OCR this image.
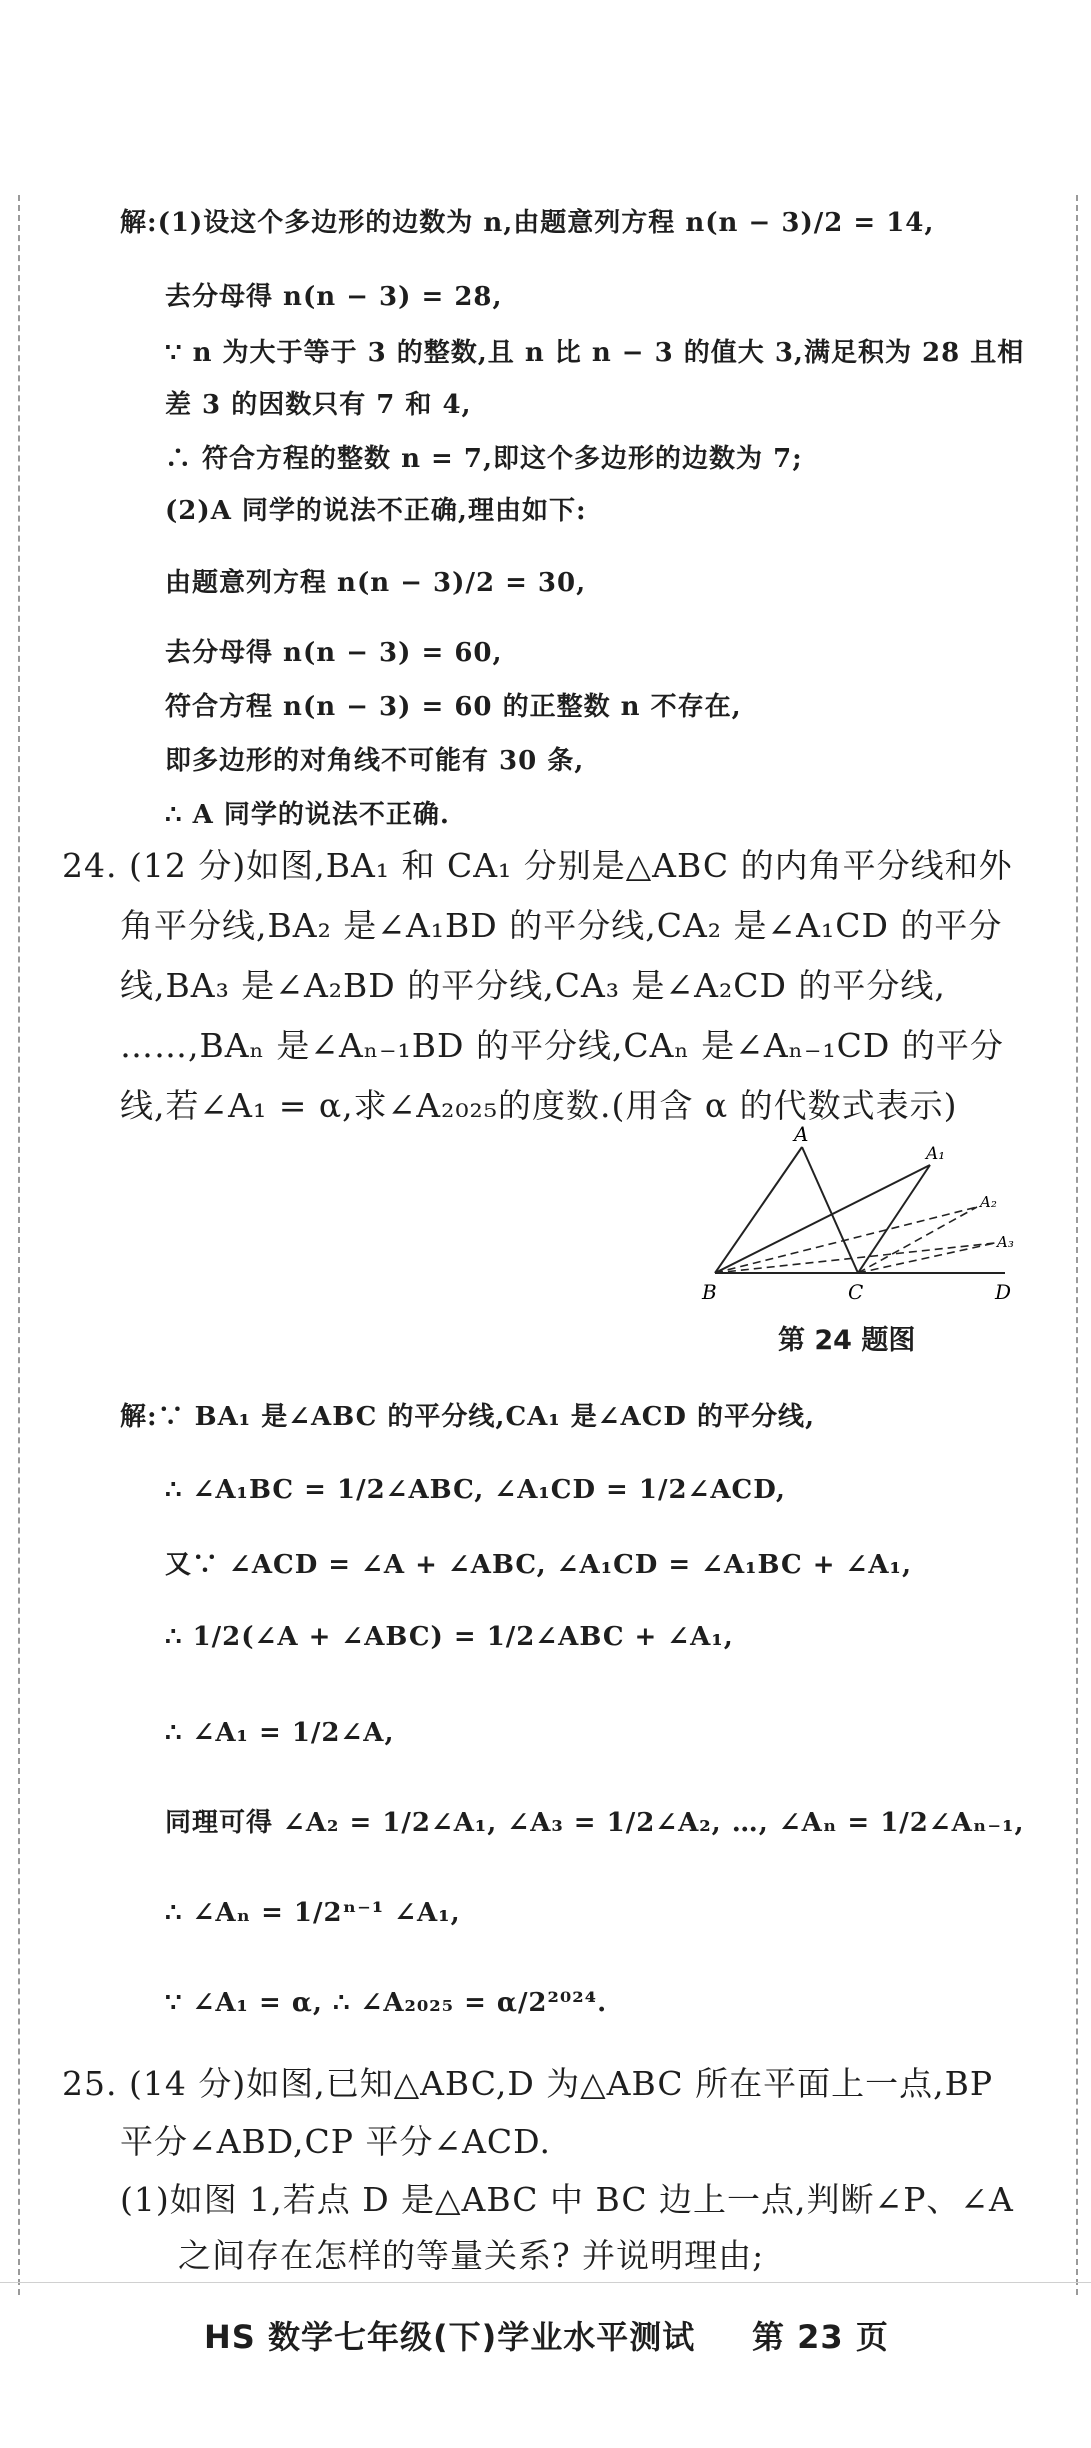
解:(1)设这个多边形的边数为 n,由题意列方程 n(n − 3)/2 = 14,
去分母得 n(n − 3) = 28,
∵ n 为大于等于 3 的整数,且 n 比 n − 3 的值大 3,满足积为 28 且相
差 3 的因数只有 7 和 4,
∴ 符合方程的整数 n = 7,即这个多边形的边数为 7;
(2)A 同学的说法不正确,理由如下:
由题意列方程 n(n − 3)/2 = 30,
去分母得 n(n − 3) = 60,
符合方程 n(n − 3) = 60 的正整数 n 不存在,
即多边形的对角线不可能有 30 条,
∴ A 同学的说法不正确.
24. (12 分)如图,BA₁ 和 CA₁ 分别是△ABC 的内角平分线和外
角平分线,BA₂ 是∠A₁BD 的平分线,CA₂ 是∠A₁CD 的平分
线,BA₃ 是∠A₂BD 的平分线,CA₃ 是∠A₂CD 的平分线,
……,BAₙ 是∠Aₙ₋₁BD 的平分线,CAₙ 是∠Aₙ₋₁CD 的平分
线,若∠A₁ = α,求∠A₂₀₂₅的度数.(用含 α 的代数式表示)
A
A₁
A₂
A₃
B	C	D
第 24 题图
解:∵ BA₁ 是∠ABC 的平分线,CA₁ 是∠ACD 的平分线,
∴ ∠A₁BC = 1/2∠ABC, ∠A₁CD = 1/2∠ACD,
又∵ ∠ACD = ∠A + ∠ABC, ∠A₁CD = ∠A₁BC + ∠A₁,
∴ 1/2(∠A + ∠ABC) = 1/2∠ABC + ∠A₁,
∴ ∠A₁ = 1/2∠A,
同理可得 ∠A₂ = 1/2∠A₁, ∠A₃ = 1/2∠A₂, …, ∠Aₙ = 1/2∠Aₙ₋₁,
∴ ∠Aₙ = 1/2ⁿ⁻¹ ∠A₁,
∵ ∠A₁ = α, ∴ ∠A₂₀₂₅ = α/2²⁰²⁴.
25. (14 分)如图,已知△ABC,D 为△ABC 所在平面上一点,BP
平分∠ABD,CP 平分∠ACD.
(1)如图 1,若点 D 是△ABC 中 BC 边上一点,判断∠P、∠A
之间存在怎样的等量关系? 并说明理由;
HS 数学七年级(下)学业水平测试 第 23 页
